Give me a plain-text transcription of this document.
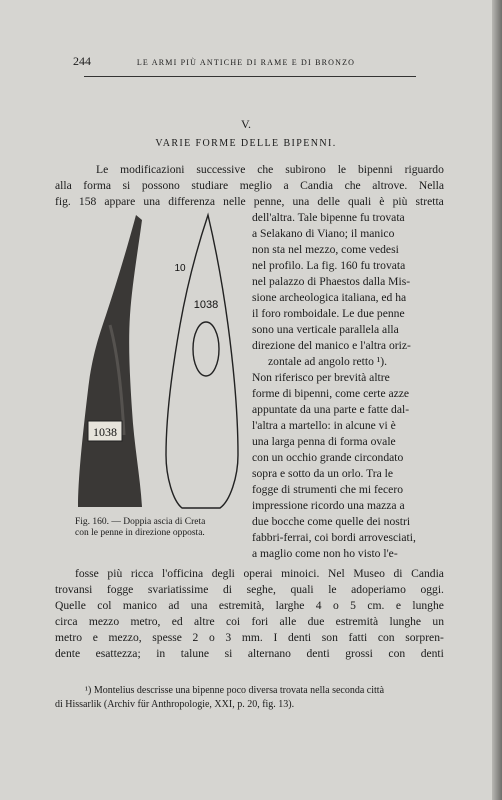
244	LE ARMI PIÙ ANTICHE DI RAME E DI BRONZO
V.
VARIE FORME DELLE BIPENNI.
Le modificazioni successive che subirono le bipenni riguardo
alla forma si possono studiare meglio a Candia che altrove. Nella
fig. 158 appare una differenza nelle penne, una delle quali è più stretta
dell'altra. Tale bipenne fu trovata
a Selakano di Viano; il manico
non sta nel mezzo, come vedesi
nel profilo. La fig. 160 fu trovata
nel palazzo di Phaestos dalla Mis-
sione archeologica italiana, ed ha
il foro romboidale. Le due penne
sono una verticale parallela alla
direzione del manico e l'altra oriz-
zontale ad angolo retto ¹).
Non riferisco per brevità altre
forme di bipenni, come certe azze
appuntate da una parte e fatte dal-
l'altra a martello: in alcune vi è
una larga penna di forma ovale
con un occhio grande circondato
sopra e sotto da un orlo. Tra le
fogge di strumenti che mi fecero
impressione ricordo una mazza a
due bocche come quelle dei nostri
fabbri-ferrai, coi bordi arrovesciati,
a maglio come non ho visto l'e-
1038
1038
10
Fig. 160. — Doppia ascia di Creta
con le penne in direzione opposta.
fosse più ricca l'officina degli operai minoici. Nel Museo di Candia
trovansi fogge svariatissime di seghe, quali le adoperiamo oggi.
Quelle col manico ad una estremità, larghe 4 o 5 cm. e lunghe
circa mezzo metro, ed altre coi fori alle due estremità lunghe un
metro e mezzo, spesse 2 o 3 mm. I denti son fatti con sorpren-
dente esattezza; in talune si alternano denti grossi con denti
¹) Montelius descrisse una bipenne poco diversa trovata nella seconda città
di Hissarlik (Archiv für Anthropologie, XXI, p. 20, fig. 13).
